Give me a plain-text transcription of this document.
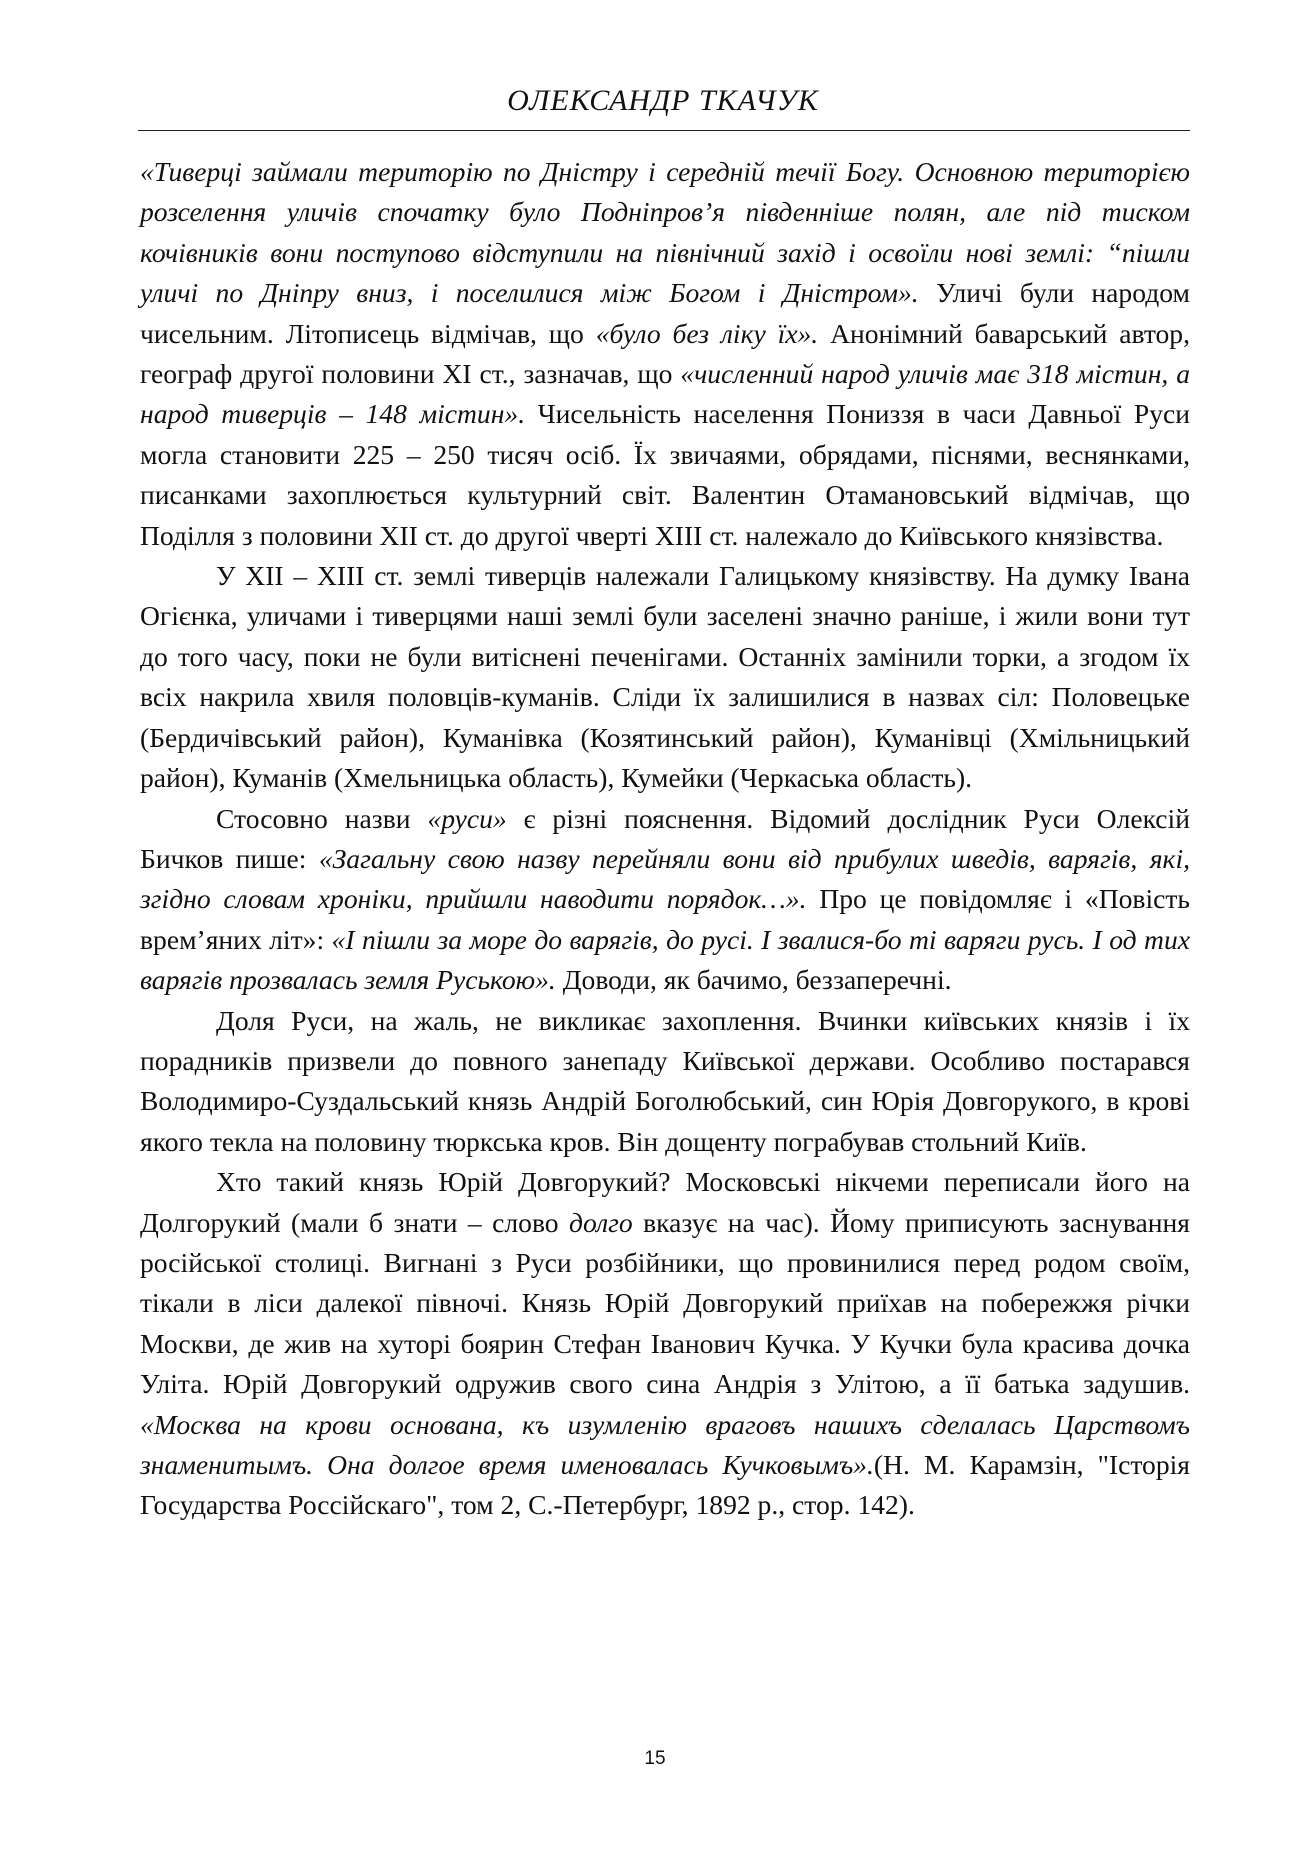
ОЛЕКСАНДР ТКАЧУК

«Тиверці займали територію по Дністру і середній течії Богу. Основною територією розселення уличів спочатку було Подніпров’я південніше полян, але під тиском кочівників вони поступово відступили на північний захід і освоїли нові землі: “пішли уличі по Дніпру вниз, і поселилися між Богом і Дністром». Уличі були народом чисельним. Літописець відмічав, що «було без ліку їх». Анонімний баварський автор, географ другої половини ХІ ст., зазначав, що «численний народ уличів має 318 містин, а народ тиверців – 148 містин». Чисельність населення Пониззя в часи Давньої Руси могла становити 225 – 250 тисяч осіб. Їх звичаями, обрядами, піснями, веснянками, писанками захоплюється культурний світ. Валентин Отамановський відмічав, що Поділля з половини ХІІ ст. до другої чверті ХІІІ ст. належало до Київського князівства.

У ХІІ – ХІІІ ст. землі тиверців належали Галицькому князівству. На думку Івана Огієнка, уличами і тиверцями наші землі були заселені значно раніше, і жили вони тут до того часу, поки не були витіснені печенігами. Останніх замінили торки, а згодом їх всіх накрила хвиля половців-куманів. Сліди їх залишилися в назвах сіл: Половецьке (Бердичівський район), Куманівка (Козятинський район), Куманівці (Хмільницький район), Куманів (Хмельницька область), Кумейки (Черкаська область).

Стосовно назви «руси» є різні пояснення. Відомий дослідник Руси Олексій Бичков пише: «Загальну свою назву перейняли вони від прибулих шведів, варягів, які, згідно словам хроніки, прийшли наводити порядок…». Про це повідомляє і «Повість врем’яних літ»: «І пішли за море до варягів, до русі. І звалися-бо ті варяги русь. І од тих варягів прозвалась земля Руською». Доводи, як бачимо, беззаперечні.

Доля Руси, на жаль, не викликає захоплення. Вчинки київських князів і їх порадників призвели до повного занепаду Київської держави. Особливо постарався Володимиро-Суздальський князь Андрій Боголюбський, син Юрія Довгорукого, в крові якого текла на половину тюркська кров. Він дощенту пограбував стольний Київ.

Хто такий князь Юрій Довгорукий? Московські нікчеми переписали його на Долгорукий (мали б знати – слово долго вказує на час). Йому приписують заснування російської столиці. Вигнані з Руси розбійники, що провинилися перед родом своїм, тікали в ліси далекої півночі. Князь Юрій Довгорукий приїхав на побережжя річки Москви, де жив на хуторі боярин Стефан Іванович Кучка. У Кучки була красива дочка Уліта. Юрій Довгорукий одружив свого сина Андрія з Улітою, а її батька задушив. «Москва на крови основана, къ изумленію враговъ нашихъ сделалась Царствомъ знаменитымъ. Она долгое время именовалась Кучковымъ».(Н. М. Карамзін, "Історія Государства Россійскаго", том 2, С.-Петербург, 1892 р., стор. 142).

15
